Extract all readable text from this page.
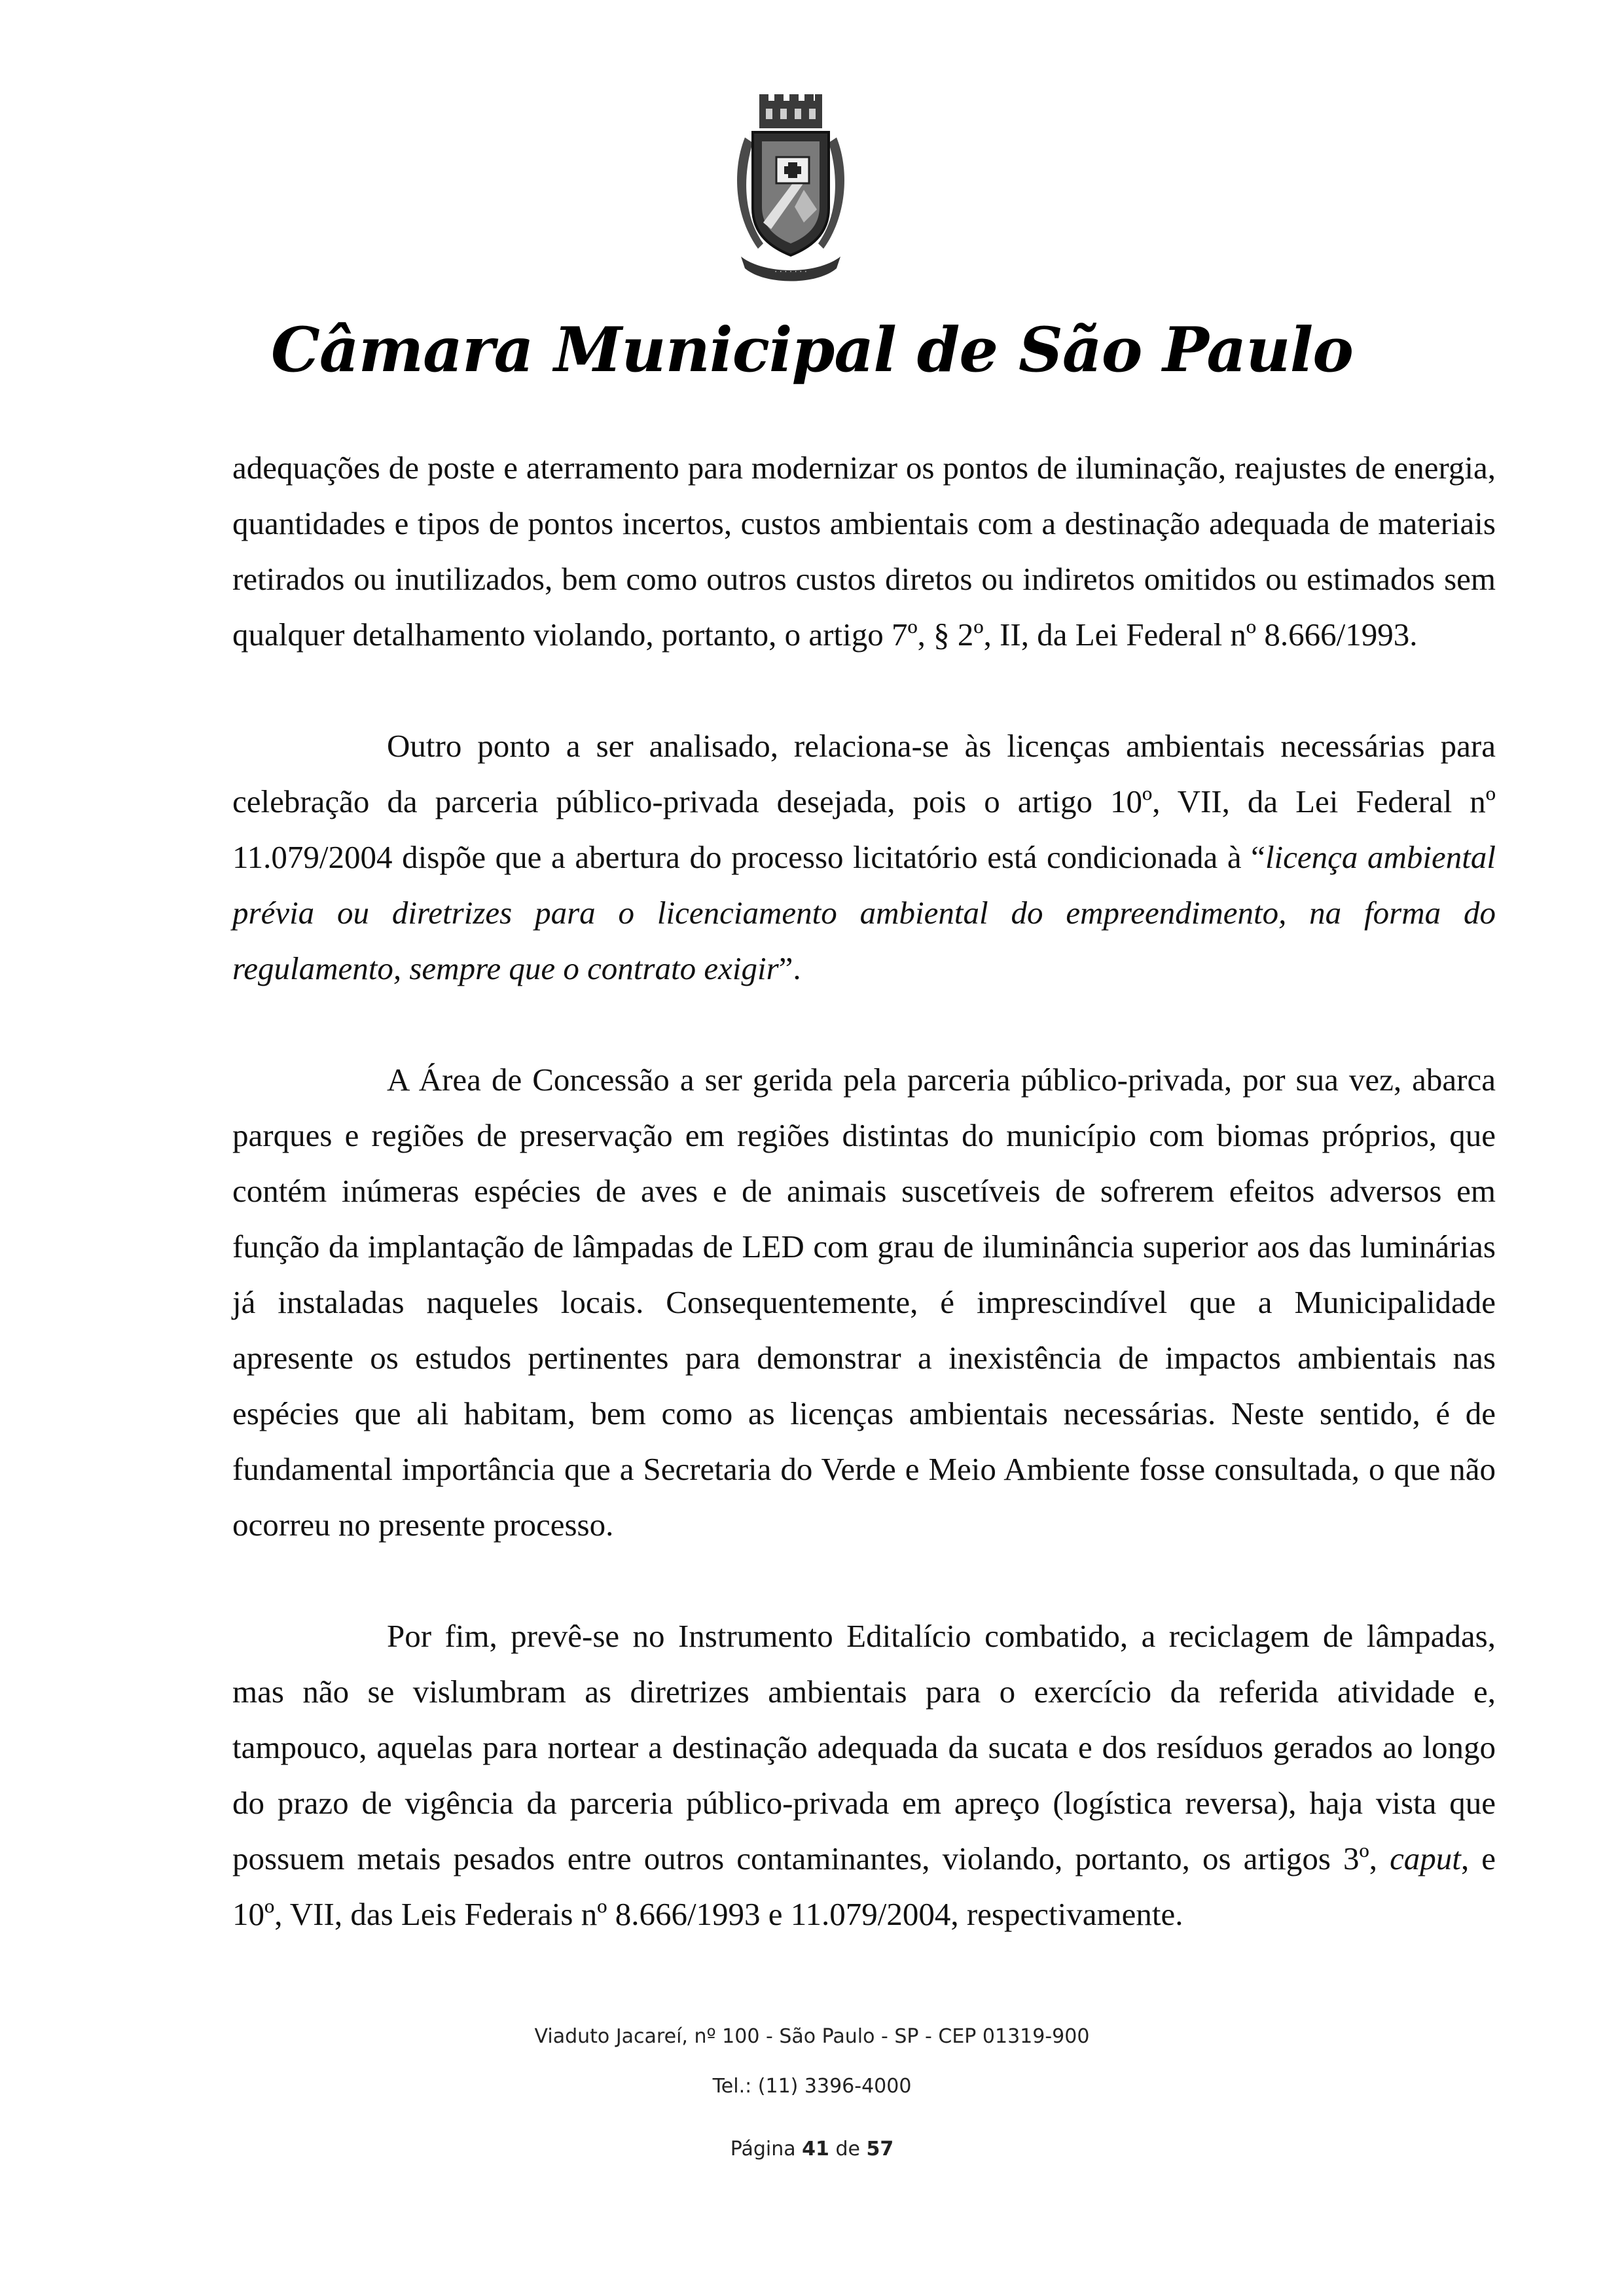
· · · · · · ·
Câmara Municipal de São Paulo

adequações de poste e aterramento para modernizar os pontos de iluminação, reajustes de energia, quantidades e tipos de pontos incertos, custos ambientais com a destinação adequada de materiais retirados ou inutilizados, bem como outros custos diretos ou indiretos omitidos ou estimados sem qualquer detalhamento violando, portanto, o artigo 7º, § 2º, II, da Lei Federal nº 8.666/1993.

Outro ponto a ser analisado, relaciona-se às licenças ambientais necessárias para celebração da parceria público-privada desejada, pois o artigo 10º, VII, da Lei Federal nº 11.079/2004 dispõe que a abertura do processo licitatório está condicionada à “licença ambiental prévia ou diretrizes para o licenciamento ambiental do empreendimento, na forma do regulamento, sempre que o contrato exigir”.

A Área de Concessão a ser gerida pela parceria público-privada, por sua vez, abarca parques e regiões de preservação em regiões distintas do município com biomas próprios, que contém inúmeras espécies de aves e de animais suscetíveis de sofrerem efeitos adversos em função da implantação de lâmpadas de LED com grau de iluminância superior aos das luminárias já instaladas naqueles locais. Consequentemente, é imprescindível que a Municipalidade apresente os estudos pertinentes para demonstrar a inexistência de impactos ambientais nas espécies que ali habitam, bem como as licenças ambientais necessárias. Neste sentido, é de fundamental importância que a Secretaria do Verde e Meio Ambiente fosse consultada, o que não ocorreu no presente processo.

Por fim, prevê-se no Instrumento Editalício combatido, a reciclagem de lâmpadas, mas não se vislumbram as diretrizes ambientais para o exercício da referida atividade e, tampouco, aquelas para nortear a destinação adequada da sucata e dos resíduos gerados ao longo do prazo de vigência da parceria público-privada em apreço (logística reversa), haja vista que possuem metais pesados entre outros contaminantes, violando, portanto, os artigos 3º, caput, e 10º, VII, das Leis Federais nº 8.666/1993 e 11.079/2004, respectivamente.

Viaduto Jacareí, nº 100 - São Paulo - SP - CEP 01319-900
Tel.: (11) 3396-4000
Página 41 de 57
